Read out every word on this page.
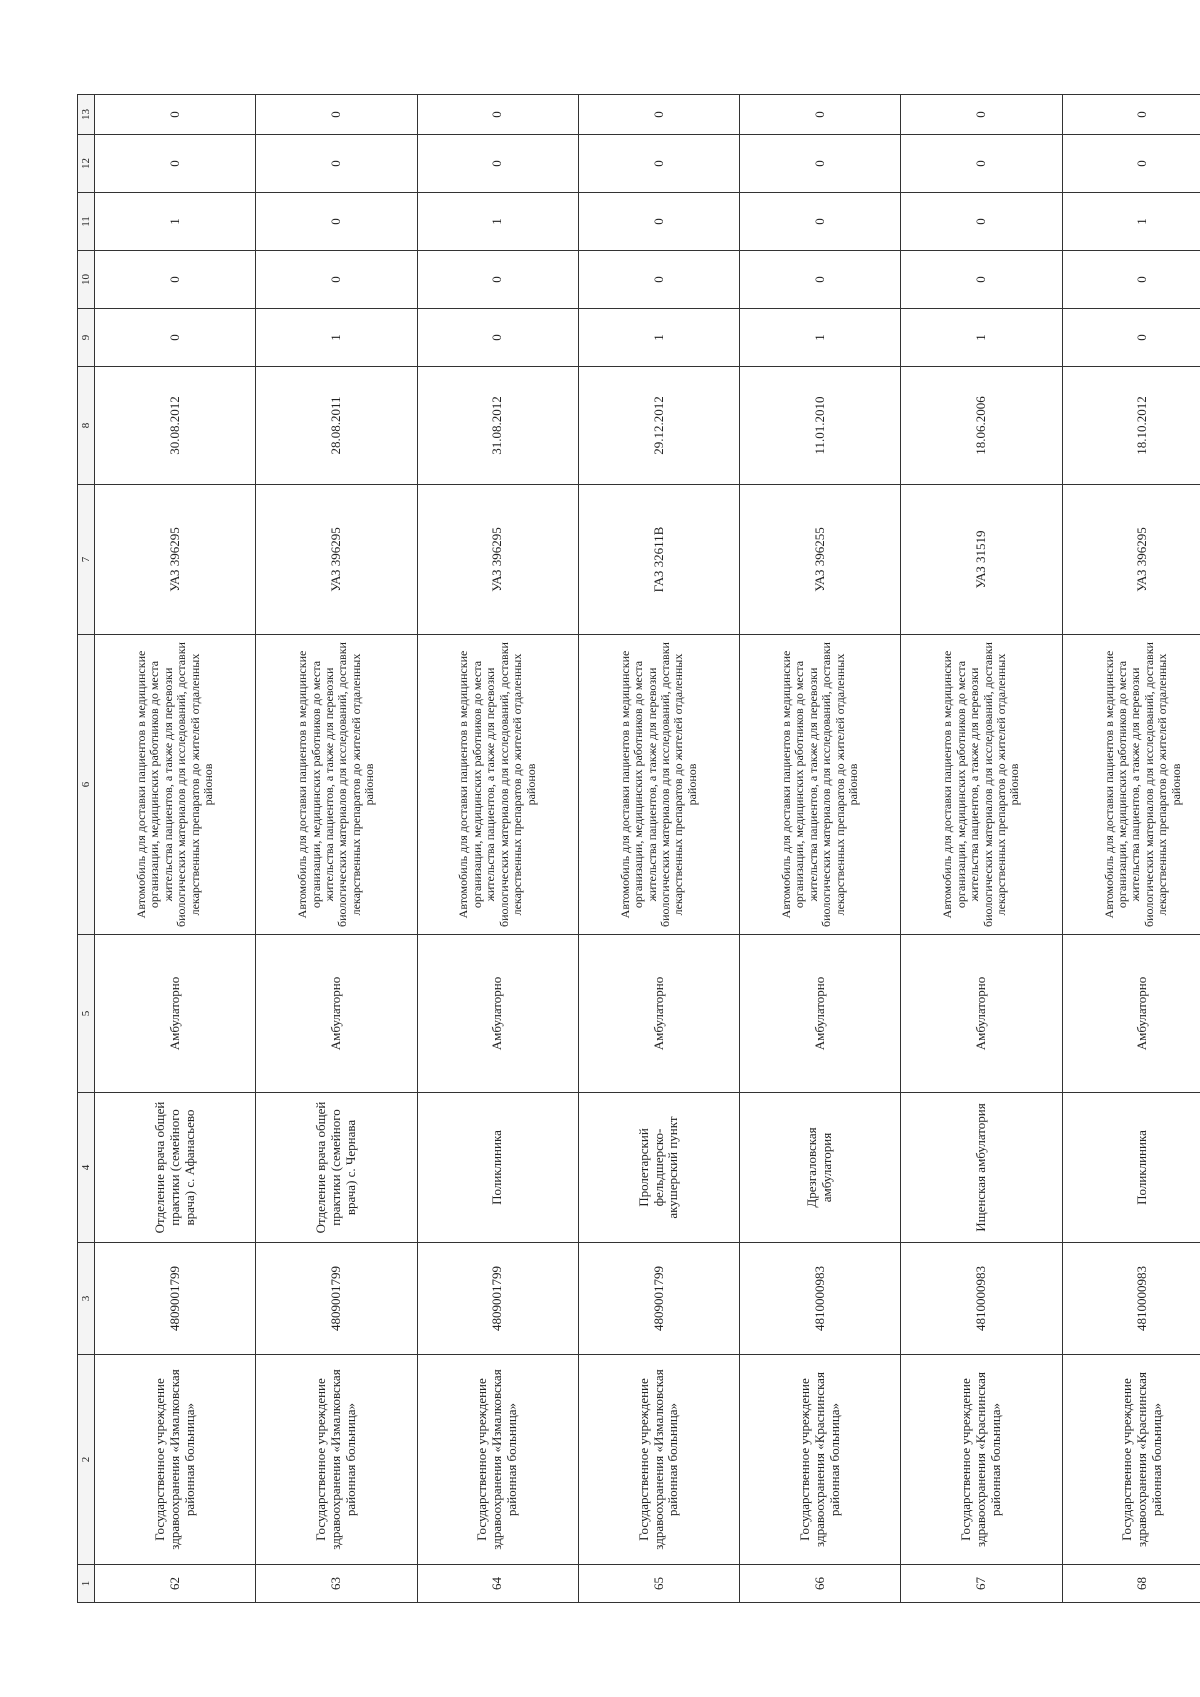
1	2	3	4	5	6	7	8	9	10	11	12	13
62	Государственное учреждение здравоохранения «Измалковская районная больница»	4809001799	Отделение врача общей практики (семейного врача) с. Афанасьево	Амбулаторно	Автомобиль для доставки пациентов в медицинские организации, медицинских работников до места жительства пациентов, а также для перевозки биологических материалов для исследований, доставки лекарственных препаратов до жителей отдаленных районов	УАЗ 396295	30.08.2012	0	0	1	0	0
63	Государственное учреждение здравоохранения «Измалковская районная больница»	4809001799	Отделение врача общей практики (семейного врача) с. Чернава	Амбулаторно	Автомобиль для доставки пациентов в медицинские организации, медицинских работников до места жительства пациентов, а также для перевозки биологических материалов для исследований, доставки лекарственных препаратов до жителей отдаленных районов	УАЗ 396295	28.08.2011	1	0	0	0	0
64	Государственное учреждение здравоохранения «Измалковская районная больница»	4809001799	Поликлиника	Амбулаторно	Автомобиль для доставки пациентов в медицинские организации, медицинских работников до места жительства пациентов, а также для перевозки биологических материалов для исследований, доставки лекарственных препаратов до жителей отдаленных районов	УАЗ 396295	31.08.2012	0	0	1	0	0
65	Государственное учреждение здравоохранения «Измалковская районная больница»	4809001799	Пролетарский фельдшерско-акушерский пункт	Амбулаторно	Автомобиль для доставки пациентов в медицинские организации, медицинских работников до места жительства пациентов, а также для перевозки биологических материалов для исследований, доставки лекарственных препаратов до жителей отдаленных районов	ГАЗ 32611В	29.12.2012	1	0	0	0	0
66	Государственное учреждение здравоохранения «Краснинская районная больница»	4810000983	Дрезгаловская амбулатория	Амбулаторно	Автомобиль для доставки пациентов в медицинские организации, медицинских работников до места жительства пациентов, а также для перевозки биологических материалов для исследований, доставки лекарственных препаратов до жителей отдаленных районов	УАЗ 396255	11.01.2010	1	0	0	0	0
67	Государственное учреждение здравоохранения «Краснинская районная больница»	4810000983	Ищенская амбулатория	Амбулаторно	Автомобиль для доставки пациентов в медицинские организации, медицинских работников до места жительства пациентов, а также для перевозки биологических материалов для исследований, доставки лекарственных препаратов до жителей отдаленных районов	УАЗ 31519	18.06.2006	1	0	0	0	0
68	Государственное учреждение здравоохранения «Краснинская районная больница»	4810000983	Поликлиника	Амбулаторно	Автомобиль для доставки пациентов в медицинские организации, медицинских работников до места жительства пациентов, а также для перевозки биологических материалов для исследований, доставки лекарственных препаратов до жителей отдаленных районов	УАЗ 396295	18.10.2012	0	0	1	0	0
